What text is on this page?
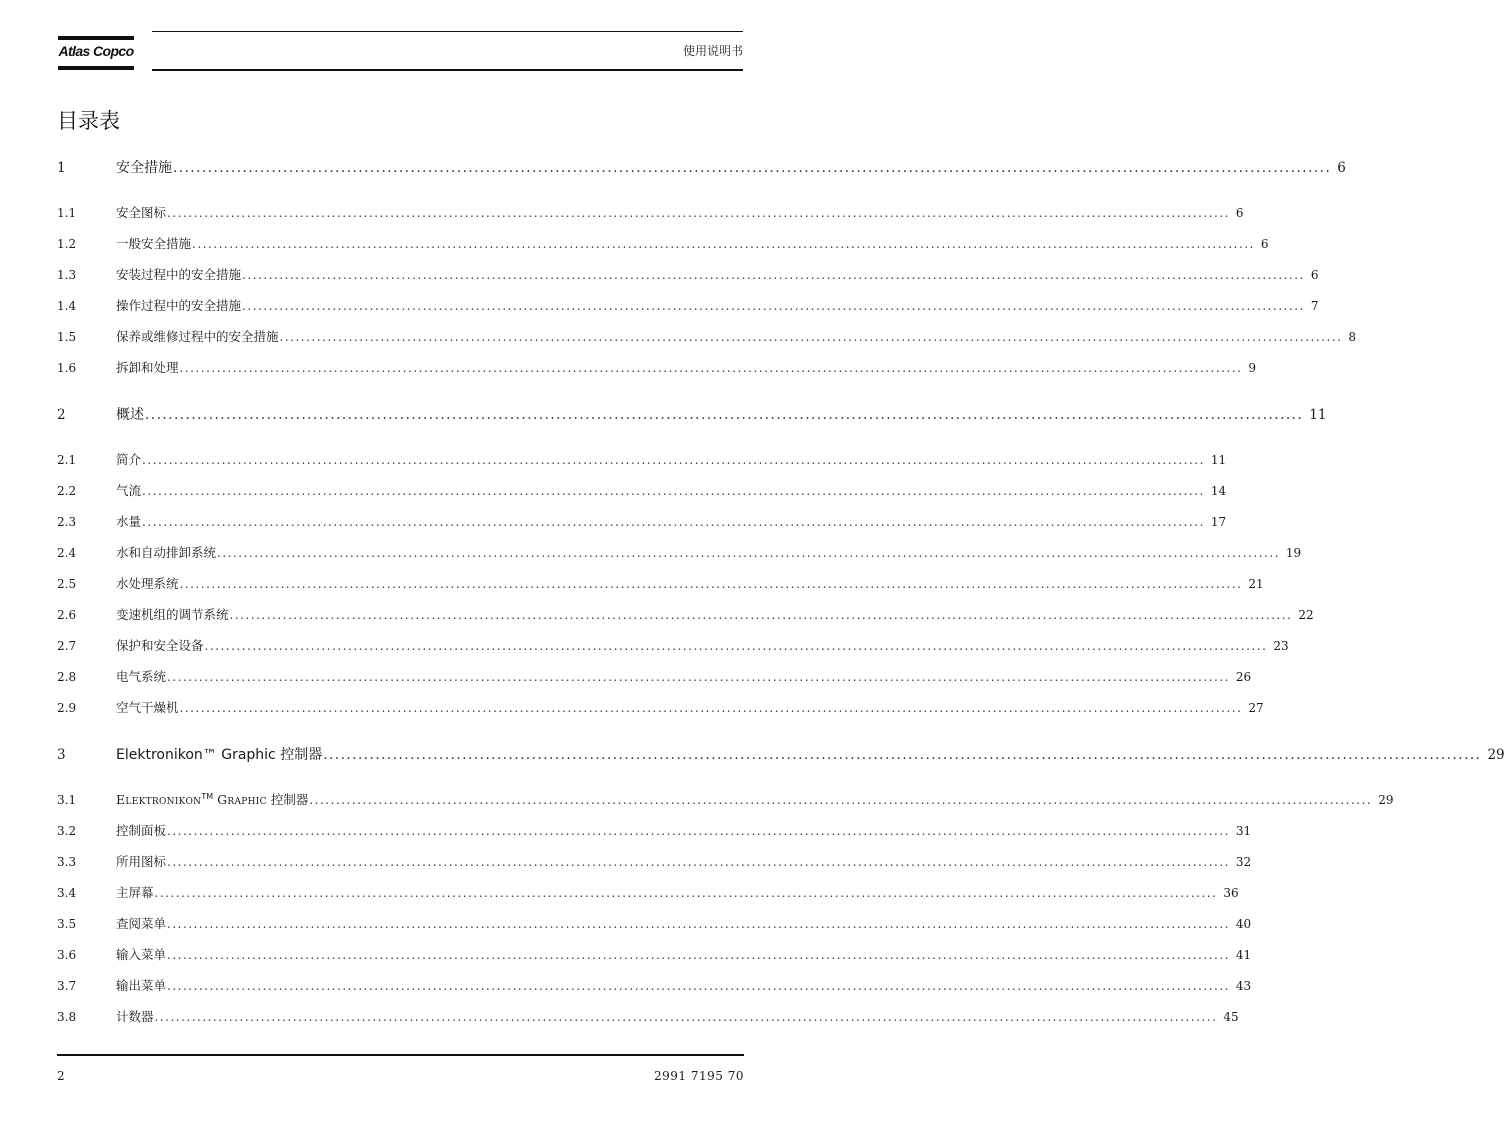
Atlas Copco	使用说明书
目录表
1	安全措施 ........................................................................................................................................................................................................ 6
1.1	安全图标 ........................................................................................................................................................................................................ 6
1.2	一般安全措施 ........................................................................................................................................................................................................ 6
1.3	安装过程中的安全措施 ........................................................................................................................................................................................................ 6
1.4	操作过程中的安全措施 ........................................................................................................................................................................................................ 7
1.5	保养或维修过程中的安全措施 ........................................................................................................................................................................................................ 8
1.6	拆卸和处理 ........................................................................................................................................................................................................ 9
2	概述 ........................................................................................................................................................................................................ 11
2.1	简介 ........................................................................................................................................................................................................ 11
2.2	气流 ........................................................................................................................................................................................................ 14
2.3	水量 ........................................................................................................................................................................................................ 17
2.4	水和自动排卸系统 ........................................................................................................................................................................................................ 19
2.5	水处理系统 ........................................................................................................................................................................................................ 21
2.6	变速机组的调节系统 ........................................................................................................................................................................................................ 22
2.7	保护和安全设备 ........................................................................................................................................................................................................ 23
2.8	电气系统 ........................................................................................................................................................................................................ 26
2.9	空气干燥机 ........................................................................................................................................................................................................ 27
3	Elektronikon™ Graphic 控制器 ........................................................................................................................................................................................................ 29
3.1	Elektronikon™ Graphic 控制器 ........................................................................................................................................................................................................ 29
3.2	控制面板 ........................................................................................................................................................................................................ 31
3.3	所用图标 ........................................................................................................................................................................................................ 32
3.4	主屏幕 ........................................................................................................................................................................................................ 36
3.5	查阅菜单 ........................................................................................................................................................................................................ 40
3.6	输入菜单 ........................................................................................................................................................................................................ 41
3.7	输出菜单 ........................................................................................................................................................................................................ 43
3.8	计数器 ........................................................................................................................................................................................................ 45
2	2991 7195 70
